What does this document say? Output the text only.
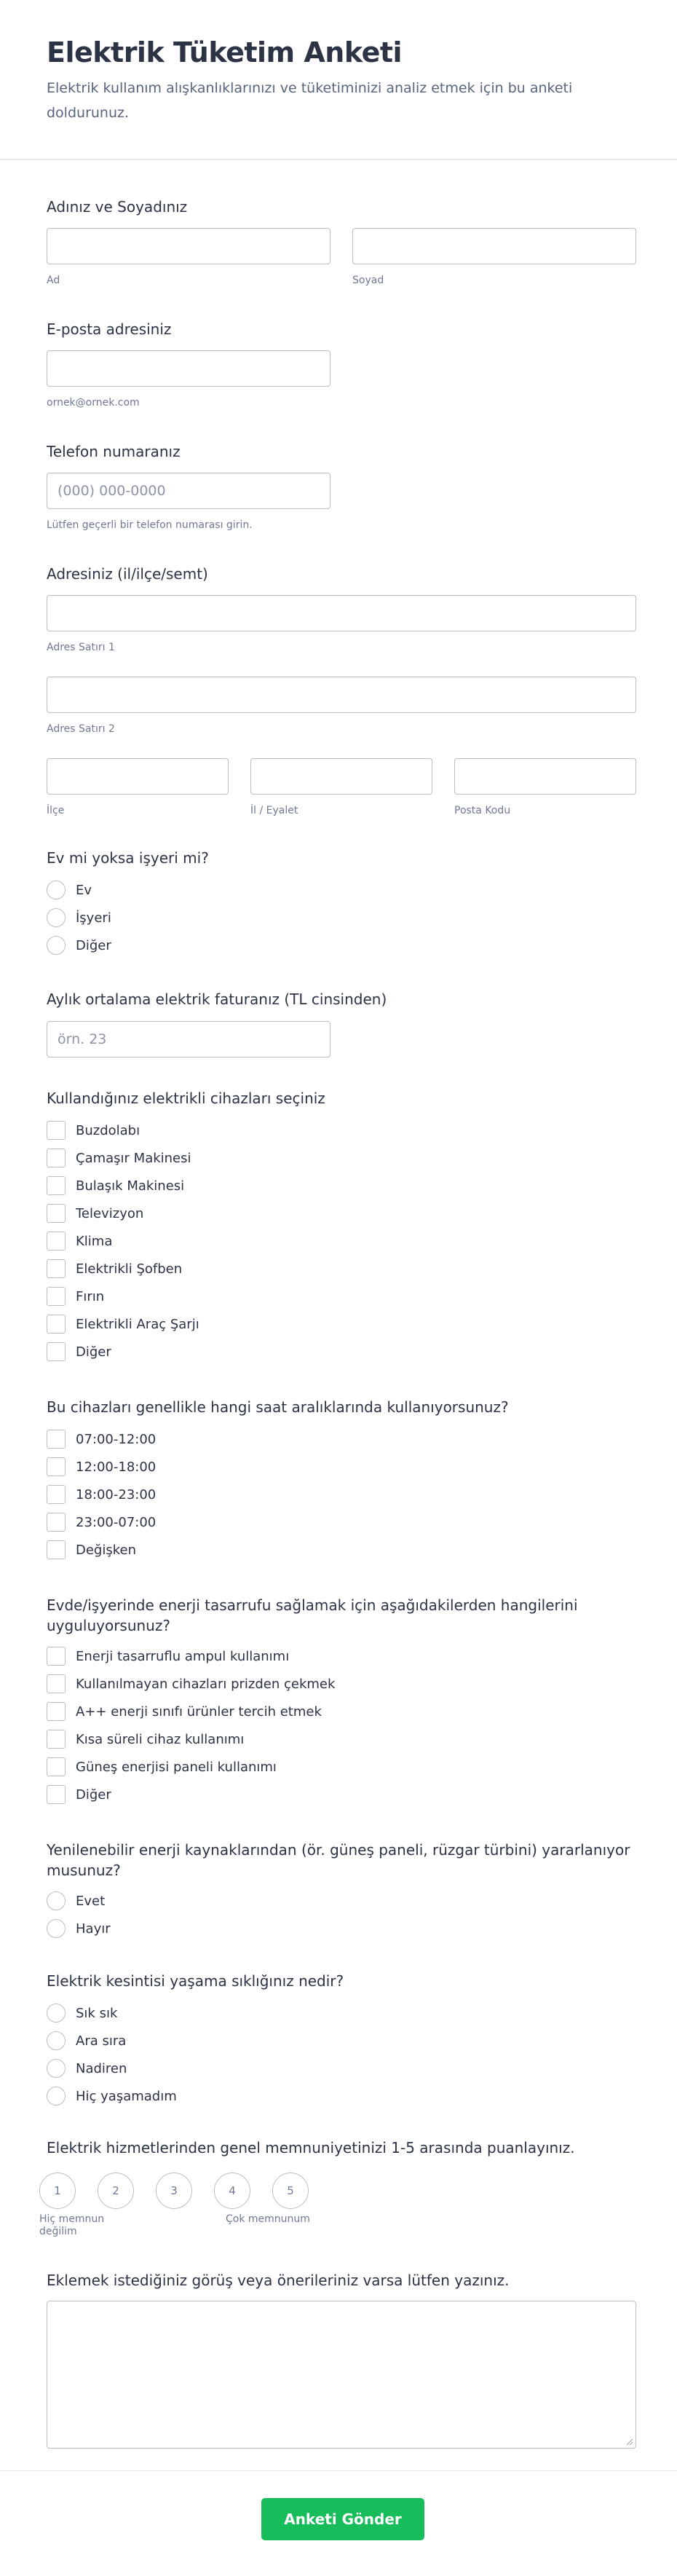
Elektrik Tüketim Anketi

Elektrik kullanım alışkanlıklarınızı ve tüketiminizi analiz etmek için bu anketi doldurunuz.

Adınız ve Soyadınız
Ad	Soyad
E-posta adresiniz
ornek@ornek.com
Telefon numaranız
(000) 000-0000
Lütfen geçerli bir telefon numarası girin.
Adresiniz (il/ilçe/semt)
Adres Satırı 1
Adres Satırı 2
İlçe	İl / Eyalet	Posta Kodu
Ev mi yoksa işyeri mi?
Ev
İşyeri
Diğer
Aylık ortalama elektrik faturanız (TL cinsinden)
örn. 23
Kullandığınız elektrikli cihazları seçiniz
Buzdolabı
Çamaşır Makinesi
Bulaşık Makinesi
Televizyon
Klima
Elektrikli Şofben
Fırın
Elektrikli Araç Şarjı
Diğer
Bu cihazları genellikle hangi saat aralıklarında kullanıyorsunuz?
07:00-12:00
12:00-18:00
18:00-23:00
23:00-07:00
Değişken
Evde/işyerinde enerji tasarrufu sağlamak için aşağıdakilerden hangilerini uyguluyorsunuz?
Enerji tasarruflu ampul kullanımı
Kullanılmayan cihazları prizden çekmek
A++ enerji sınıfı ürünler tercih etmek
Kısa süreli cihaz kullanımı
Güneş enerjisi paneli kullanımı
Diğer
Yenilenebilir enerji kaynaklarından (ör. güneş paneli, rüzgar türbini) yararlanıyor musunuz?
Evet
Hayır
Elektrik kesintisi yaşama sıklığınız nedir?
Sık sık
Ara sıra
Nadiren
Hiç yaşamadım
Elektrik hizmetlerinden genel memnuniyetinizi 1-5 arasında puanlayınız.
1	2	3	4	5
Hiç memnun değilim
Çok memnunum
Eklemek istediğiniz görüş veya önerileriniz varsa lütfen yazınız.
Anketi Gönder
